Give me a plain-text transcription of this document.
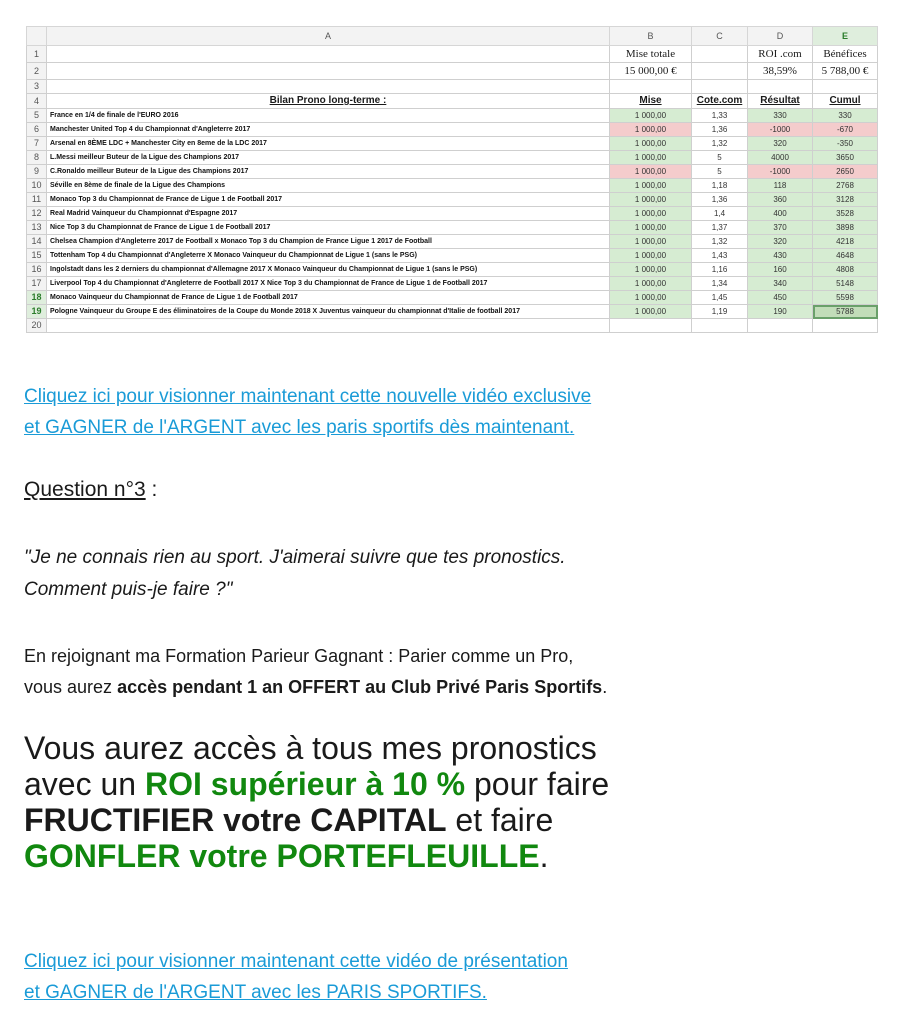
	A	B	C	D	E
1		Mise totale		ROI .com	Bénéfices
2		15 000,00 €		38,59%	5 788,00 €
3					
4	Bilan Prono long-terme :	Mise	Cote.com	Résultat	Cumul
5	France en 1/4 de finale de l'EURO 2016	1 000,00	1,33	330	330
6	Manchester United Top 4 du Championnat d'Angleterre 2017	1 000,00	1,36	-1000	-670
7	Arsenal en 8ÈME LDC + Manchester City en 8eme de la LDC 2017	1 000,00	1,32	320	-350
8	L.Messi meilleur Buteur de la Ligue des Champions 2017	1 000,00	5	4000	3650
9	C.Ronaldo meilleur Buteur de la Ligue des Champions 2017	1 000,00	5	-1000	2650
10	Séville en 8ème de finale de la Ligue des Champions	1 000,00	1,18	118	2768
11	Monaco Top 3 du Championnat de France de Ligue 1 de Football 2017	1 000,00	1,36	360	3128
12	Real Madrid Vainqueur du Championnat d'Espagne 2017	1 000,00	1,4	400	3528
13	Nice Top 3 du Championnat de France de Ligue 1 de Football 2017	1 000,00	1,37	370	3898
14	Chelsea Champion d'Angleterre 2017 de Football x Monaco Top 3 du Champion de France Ligue 1 2017 de Football	1 000,00	1,32	320	4218
15	Tottenham Top 4 du Championnat d'Angleterre X Monaco Vainqueur du Championnat de Ligue 1 (sans le PSG)	1 000,00	1,43	430	4648
16	Ingolstadt dans les 2 derniers du championnat d'Allemagne 2017 X Monaco Vainqueur du Championnat de Ligue 1 (sans le PSG)	1 000,00	1,16	160	4808
17	Liverpool Top 4 du Championnat d'Angleterre de Football 2017 X Nice Top 3 du Championnat de France de Ligue 1 de Football 2017	1 000,00	1,34	340	5148
18	Monaco Vainqueur du Championnat de France de Ligue 1 de Football 2017	1 000,00	1,45	450	5598
19	Pologne Vainqueur du Groupe E des éliminatoires de la Coupe du Monde 2018 X Juventus vainqueur du championnat d'Italie de football 2017	1 000,00	1,19	190	5788
20					
Cliquez ici pour visionner maintenant cette nouvelle vidéo exclusive
et GAGNER de l'ARGENT avec les paris sportifs dès maintenant.
Question n°3 :
"Je ne connais rien au sport. J'aimerai suivre que tes pronostics.
Comment puis-je faire ?"
En rejoignant ma Formation Parieur Gagnant : Parier comme un Pro,
vous aurez accès pendant 1 an OFFERT au Club Privé Paris Sportifs.
Vous aurez accès à tous mes pronostics avec un ROI supérieur à 10 % pour faire FRUCTIFIER votre CAPITAL et faire GONFLER votre PORTEFLEUILLE.
Cliquez ici pour visionner maintenant cette vidéo de présentation
et GAGNER de l'ARGENT avec les PARIS SPORTIFS.
